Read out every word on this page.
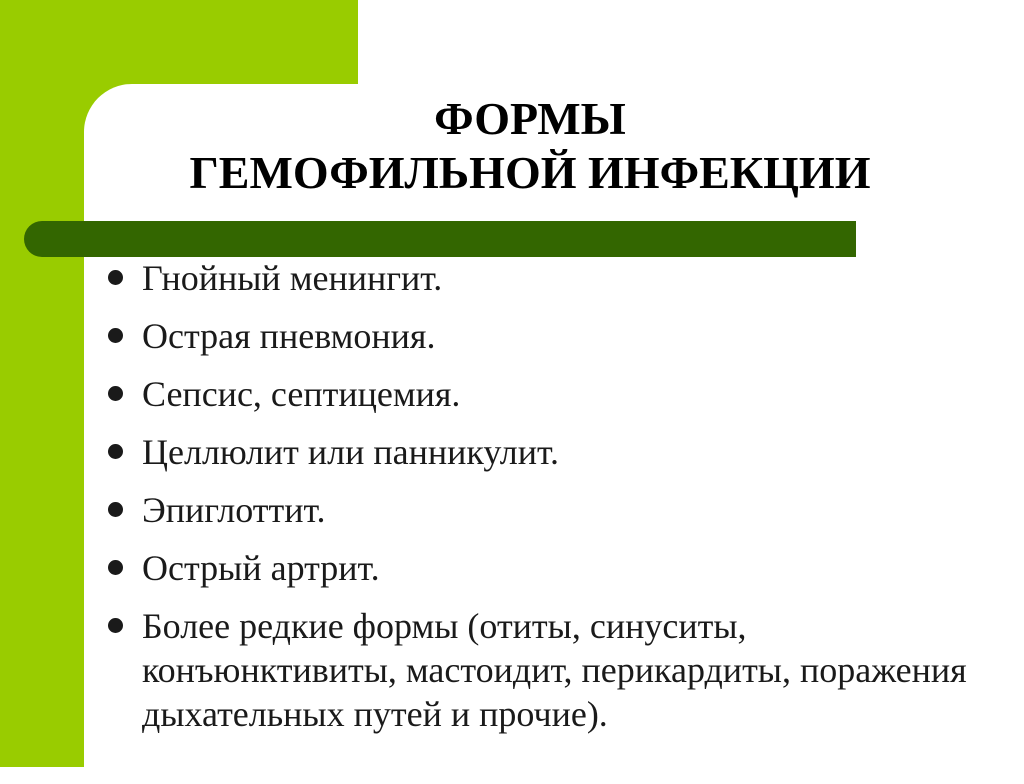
ФОРМЫ
ГЕМОФИЛЬНОЙ ИНФЕКЦИИ
Гнойный менингит.
Острая пневмония.
Сепсис, септицемия.
Целлюлит или панникулит.
Эпиглоттит.
Острый артрит.
Более редкие формы (отиты, синуситы, конъюнктивиты, мастоидит, перикардиты, поражения дыхательных путей и прочие).
